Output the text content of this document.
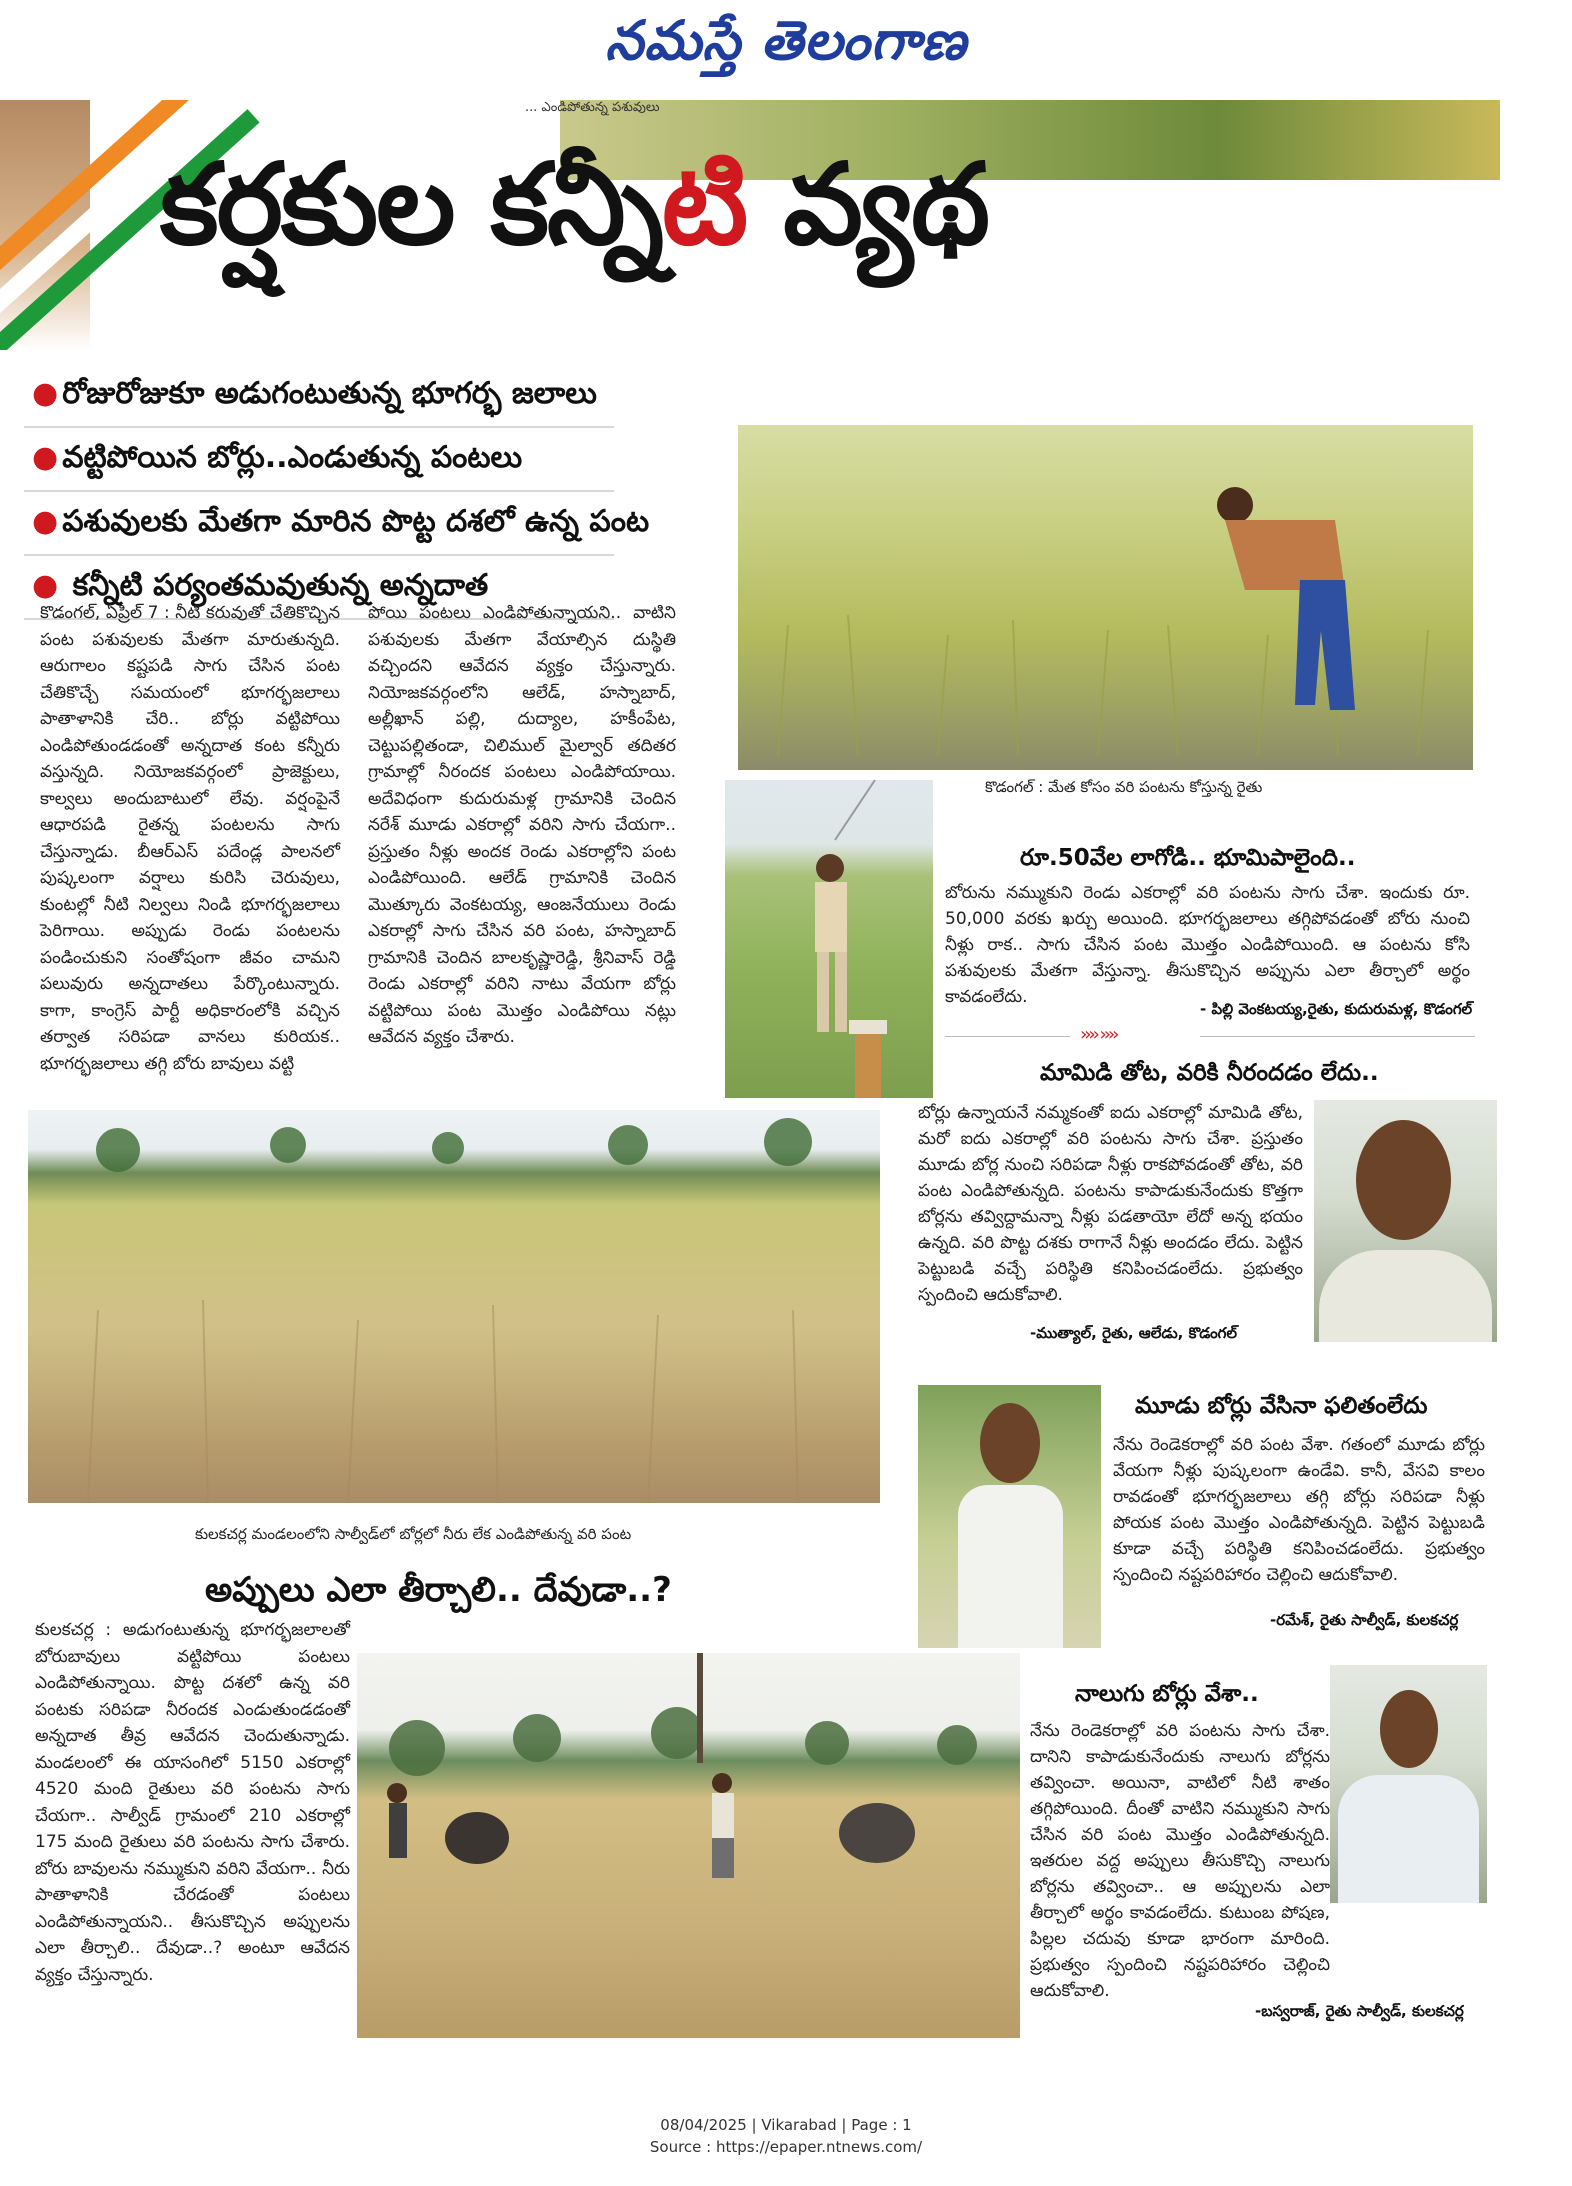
నమస్తే తెలంగాణ
... ఎండిపోతున్న పశువులు
కర్షకుల కన్నీటి వ్యథ
● రోజురోజుకూ అడుగంటుతున్న భూగర్భ జలాలు
● వట్టిపోయిన బోర్లు..ఎండుతున్న పంటలు
● పశువులకు మేతగా మారిన పొట్ట దశలో ఉన్న పంట
● కన్నీటి పర్యంతమవుతున్న అన్నదాత
కొడంగల్ : మేత కోసం వరి పంటను కోస్తున్న రైతు
కొడంగల్, ఏప్రిల్ 7 : నీటి కరువుతో చేతికొచ్చిన పంట పశువులకు మేతగా మారుతున్నది. ఆరుగాలం కష్టపడి సాగు చేసిన పంట చేతికొచ్చే సమయంలో భూగర్భజలాలు పాతాళానికి చేరి.. బోర్లు వట్టిపోయి ఎండిపోతుండడంతో అన్నదాత కంట కన్నీరు వస్తున్నది. నియోజకవర్గంలో ప్రాజెక్టులు, కాల్వలు అందుబాటులో లేవు. వర్షంపైనే ఆధారపడి రైతన్న పంటలను సాగు చేస్తున్నాడు. బీఆర్ఎస్ పదేండ్ల పాలనలో పుష్కలంగా వర్షాలు కురిసి చెరువులు, కుంటల్లో నీటి నిల్వలు నిండి భూగర్భజలాలు పెరిగాయి. అప్పుడు రెండు పంటలను పండించుకుని సంతోషంగా జీవం చామని పలువురు అన్నదాతలు పేర్కొంటున్నారు. కాగా, కాంగ్రెస్ పార్టీ అధికారంలోకి వచ్చిన తర్వాత సరిపడా వానలు కురియక.. భూగర్భజలాలు తగ్గి బోరు బావులు వట్టి
పోయి పంటలు ఎండిపోతున్నాయని.. వాటిని పశువులకు మేతగా వేయాల్సిన దుస్థితి వచ్చిందని ఆవేదన వ్యక్తం చేస్తున్నారు. నియోజకవర్గంలోని ఆలేడ్, హస్నాబాద్, అల్లీఖాన్ పల్లి, దుద్యాల, హకీంపేట, చెట్టుపల్లితండా, చిలిముల్ మైల్వార్ తదితర గ్రామాల్లో నీరందక పంటలు ఎండిపోయాయి. అదేవిధంగా కుదురుమళ్ల గ్రామానికి చెందిన నరేశ్ మూడు ఎకరాల్లో వరిని సాగు చేయగా.. ప్రస్తుతం నీళ్లు అందక రెండు ఎకరాల్లోని పంట ఎండిపోయింది. ఆలేడ్ గ్రామానికి చెందిన మొత్కూరు వెంకటయ్య, ఆంజనేయులు రెండు ఎకరాల్లో సాగు చేసిన వరి పంట, హస్నాబాద్ గ్రామానికి చెందిన బాలకృష్ణారెడ్డి, శ్రీనివాస్ రెడ్డి రెండు ఎకరాల్లో వరిని నాటు వేయగా బోర్లు వట్టిపోయి పంట మొత్తం ఎండిపోయి నట్లు ఆవేదన వ్యక్తం చేశారు.
రూ.50వేల లాగోడి.. భూమిపాలైంది..
బోరును నమ్ముకుని రెండు ఎకరాల్లో వరి పంటను సాగు చేశా. ఇందుకు రూ. 50,000 వరకు ఖర్చు అయింది. భూగర్భజలాలు తగ్గిపోవడంతో బోరు నుంచి నీళ్లు రాక.. సాగు చేసిన పంట మొత్తం ఎండిపోయింది. ఆ పంటను కోసి పశువులకు మేతగా వేస్తున్నా. తీసుకొచ్చిన అప్పును ఎలా తీర్చాలో అర్థం కావడంలేదు.
- పిల్లి వెంకటయ్య,రైతు, కుదురుమళ్ల, కొడంగల్
›››› ››››
మామిడి తోట, వరికి నీరందడం లేదు..
బోర్లు ఉన్నాయనే నమ్మకంతో ఐదు ఎకరాల్లో మామిడి తోట, మరో ఐదు ఎకరాల్లో వరి పంటను సాగు చేశా. ప్రస్తుతం మూడు బోర్ల నుంచి సరిపడా నీళ్లు రాకపోవడంతో తోట, వరి పంట ఎండిపోతున్నది. పంటను కాపాడుకునేందుకు కొత్తగా బోర్లను తవ్విద్దామన్నా నీళ్లు పడతాయో లేదో అన్న భయం ఉన్నది. వరి పొట్ట దశకు రాగానే నీళ్లు అందడం లేదు. పెట్టిన పెట్టుబడి వచ్చే పరిస్థితి కనిపించడంలేదు. ప్రభుత్వం స్పందించి ఆదుకోవాలి.
-ముత్యాల్, రైతు, ఆలేడు, కొడంగల్
కులకచర్ల మండలంలోని సాల్వీడ్‌లో బోర్లలో నీరు లేక ఎండిపోతున్న వరి పంట
మూడు బోర్లు వేసినా ఫలితంలేదు
నేను రెండెకరాల్లో వరి పంట వేశా. గతంలో మూడు బోర్లు వేయగా నీళ్లు పుష్కలంగా ఉండేవి. కానీ, వేసవి కాలం రావడంతో భూగర్భజలాలు తగ్గి బోర్లు సరిపడా నీళ్లు పోయక పంట మొత్తం ఎండిపోతున్నది. పెట్టిన పెట్టుబడి కూడా వచ్చే పరిస్థితి కనిపించడంలేదు. ప్రభుత్వం స్పందించి నష్టపరిహారం చెల్లించి ఆదుకోవాలి.
-రమేశ్, రైతు సాల్వీడ్, కులకచర్ల
అప్పులు ఎలా తీర్చాలి.. దేవుడా..?
కులకచర్ల : అడుగంటుతున్న భూగర్భజలాలతో బోరుబావులు వట్టిపోయి పంటలు ఎండిపోతున్నాయి. పొట్ట దశలో ఉన్న వరి పంటకు సరిపడా నీరందక ఎండుతుండడంతో అన్నదాత తీవ్ర ఆవేదన చెందుతున్నాడు. మండలంలో ఈ యాసంగిలో 5150 ఎకరాల్లో 4520 మంది రైతులు వరి పంటను సాగు చేయగా.. సాల్వీడ్ గ్రామంలో 210 ఎకరాల్లో 175 మంది రైతులు వరి పంటను సాగు చేశారు. బోరు బావులను నమ్ముకుని వరిని వేయగా.. నీరు పాతాళానికి చేరడంతో పంటలు ఎండిపోతున్నాయని.. తీసుకొచ్చిన అప్పులను ఎలా తీర్చాలి.. దేవుడా..? అంటూ ఆవేదన వ్యక్తం చేస్తున్నారు.
నాలుగు బోర్లు వేశా..
నేను రెండెకరాల్లో వరి పంటను సాగు చేశా. దానిని కాపాడుకునేందుకు నాలుగు బోర్లను తవ్వించా. అయినా, వాటిలో నీటి శాతం తగ్గిపోయింది. దీంతో వాటిని నమ్ముకుని సాగు చేసిన వరి పంట మొత్తం ఎండిపోతున్నది. ఇతరుల వద్ద అప్పులు తీసుకొచ్చి నాలుగు బోర్లను తవ్వించా.. ఆ అప్పులను ఎలా తీర్చాలో అర్థం కావడంలేదు. కుటుంబ పోషణ, పిల్లల చదువు కూడా భారంగా మారింది. ప్రభుత్వం స్పందించి నష్టపరిహారం చెల్లించి ఆదుకోవాలి.
-బస్వరాజ్, రైతు సాల్వీడ్, కులకచర్ల
08/04/2025 | Vikarabad | Page : 1
Source : https://epaper.ntnews.com/
